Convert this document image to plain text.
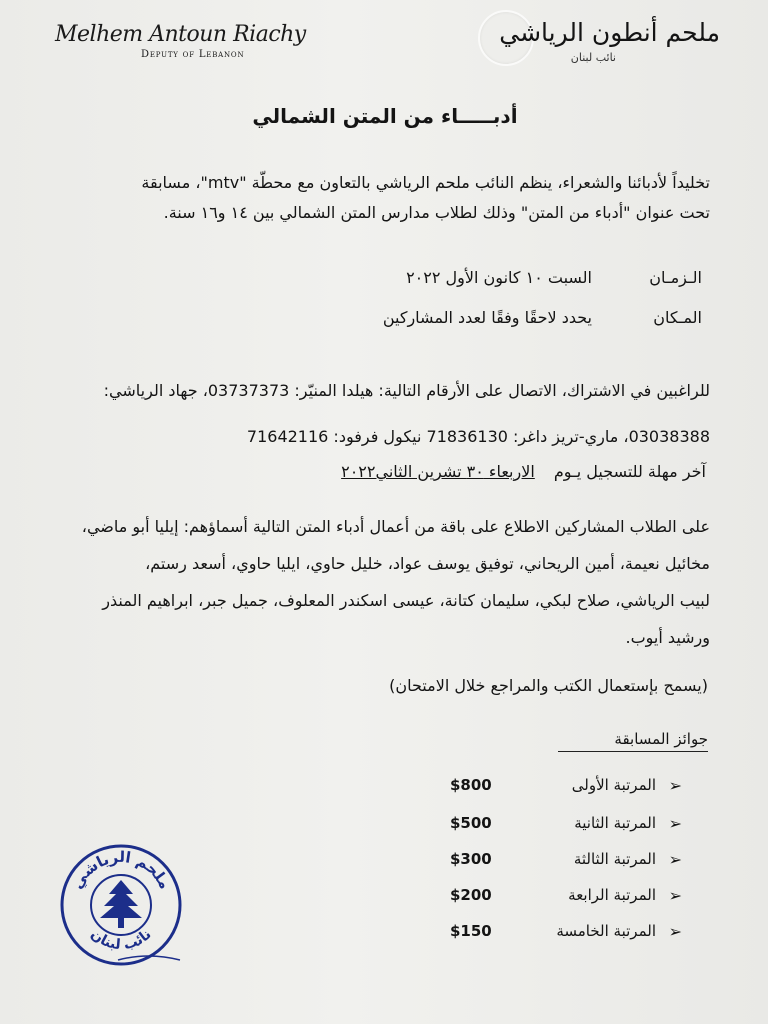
Melhem Antoun Riachy
Deputy of Lebanon
ملحم أنطون الرياشي
نائب لبنان
أدبـــــاء من المتن الشمالي
تخليداً لأدبائنا والشعراء، ينظم النائب ملحم الرياشي بالتعاون مع محطّة "mtv"، مسابقة
تحت عنوان "أدباء من المتن" وذلك لطلاب مدارس المتن الشمالي بين ١٤ و١٦ سنة.
الـزمـان
السبت ١٠ كانون الأول ٢٠٢٢
المـكان
يحدد لاحقًا وفقًا لعدد المشاركين
للراغبين في الاشتراك، الاتصال على الأرقام التالية: هيلدا المنيّر: 03737373، جهاد الرياشي:
03038388، ماري-تريز داغر: 71836130 نيكول فرفود: 71642116
آخر مهلة للتسجيل يـوم الاربعاء ٣٠ تشرين الثاني٢٠٢٢
على الطلاب المشاركين الاطلاع على باقة من أعمال أدباء المتن التالية أسماؤهم: إيليا أبو ماضي،
مخائيل نعيمة، أمين الريحاني، توفيق يوسف عواد، خليل حاوي، ايليا حاوي، أسعد رستم،
لبيب الرياشي، صلاح لبكي، سليمان كتانة، عيسى اسكندر المعلوف، جميل جبر، ابراهيم المنذر
ورشيد أيوب.
(يسمح بإستعمال الكتب والمراجع خلال الامتحان)
جوائز المسابقة
➢
المرتبة الأولى
$800
➢
المرتبة الثانية
$500
➢
المرتبة الثالثة
$300
➢
المرتبة الرابعة
$200
➢
المرتبة الخامسة
$150
ملحم الرياشي
نائب لبنان
